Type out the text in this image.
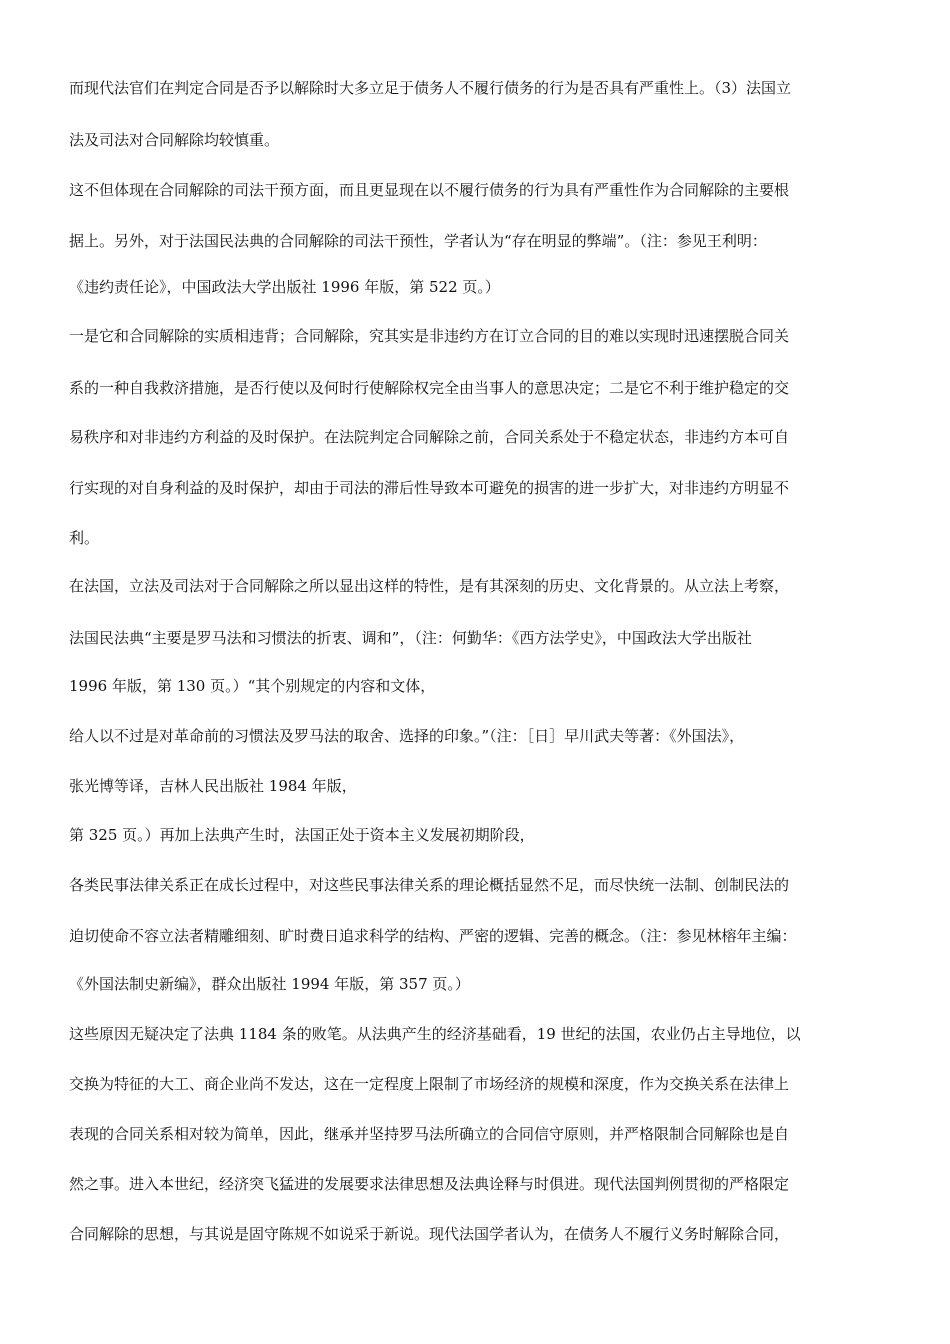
而现代法官们在判定合同是否予以解除时大多立足于债务人不履行债务的行为是否具有严重性上。（3）法国立
法及司法对合同解除均较慎重。
这不但体现在合同解除的司法干预方面，而且更显现在以不履行债务的行为具有严重性作为合同解除的主要根
据上。另外，对于法国民法典的合同解除的司法干预性，学者认为“存在明显的弊端”。（注：参见王利明：
《违约责任论》，中国政法大学出版社 1996 年版，第 522 页。）
一是它和合同解除的实质相违背；合同解除，究其实是非违约方在订立合同的目的难以实现时迅速摆脱合同关
系的一种自我救济措施，是否行使以及何时行使解除权完全由当事人的意思决定；二是它不利于维护稳定的交
易秩序和对非违约方利益的及时保护。在法院判定合同解除之前，合同关系处于不稳定状态，非违约方本可自
行实现的对自身利益的及时保护，却由于司法的滞后性导致本可避免的损害的进一步扩大，对非违约方明显不
利。
在法国，立法及司法对于合同解除之所以显出这样的特性，是有其深刻的历史、文化背景的。从立法上考察，
法国民法典“主要是罗马法和习惯法的折衷、调和”，（注：何勤华：《西方法学史》，中国政法大学出版社
1996 年版，第 130 页。）“其个别规定的内容和文体，
给人以不过是对革命前的习惯法及罗马法的取舍、选择的印象。”（注：［日］早川武夫等著：《外国法》，
张光博等译，吉林人民出版社 1984 年版，
第 325 页。）再加上法典产生时，法国正处于资本主义发展初期阶段，
各类民事法律关系正在成长过程中，对这些民事法律关系的理论概括显然不足，而尽快统一法制、创制民法的
迫切使命不容立法者精雕细刻、旷时费日追求科学的结构、严密的逻辑、完善的概念。（注：参见林榕年主编：
《外国法制史新编》，群众出版社 1994 年版，第 357 页。）
这些原因无疑决定了法典 1184 条的败笔。从法典产生的经济基础看，19 世纪的法国，农业仍占主导地位，以
交换为特征的大工、商企业尚不发达，这在一定程度上限制了市场经济的规模和深度，作为交换关系在法律上
表现的合同关系相对较为简单，因此，继承并坚持罗马法所确立的合同信守原则，并严格限制合同解除也是自
然之事。进入本世纪，经济突飞猛进的发展要求法律思想及法典诠释与时俱进。现代法国判例贯彻的严格限定
合同解除的思想，与其说是固守陈规不如说采于新说。现代法国学者认为，在债务人不履行义务时解除合同，
